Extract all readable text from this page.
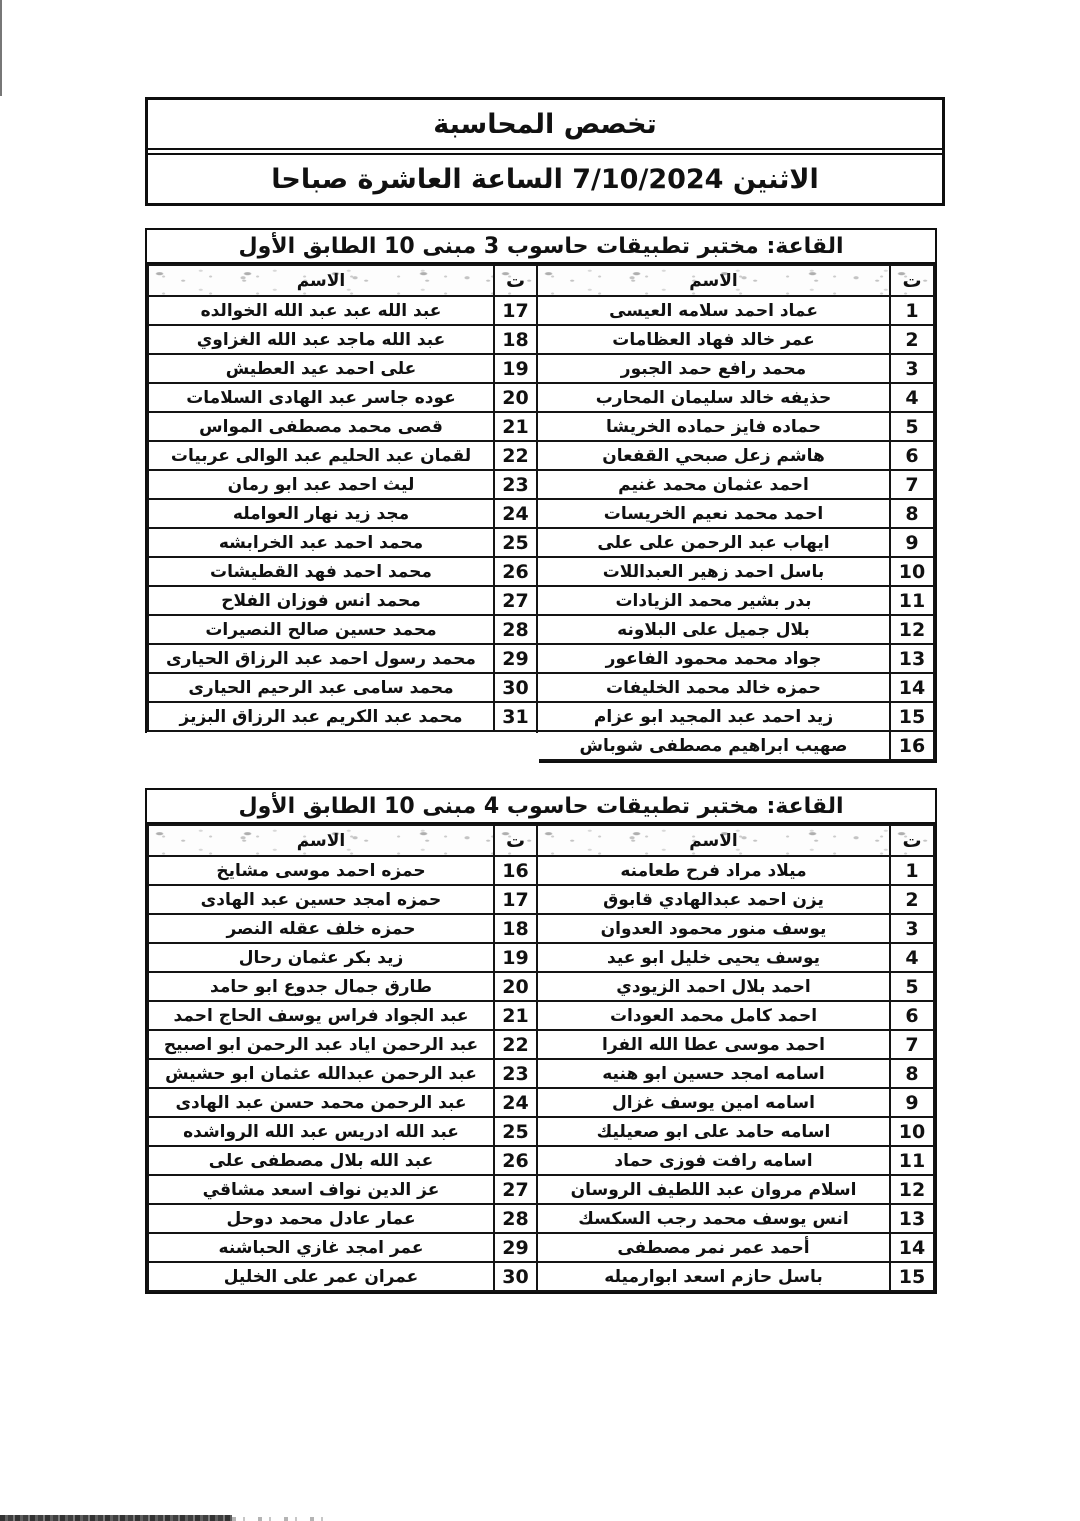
تخصص المحاسبة
الاثنين 7/10/2024 الساعة العاشرة صباحا
القاعة: مختبر تطبيقات حاسوب 3 مبنى 10 الطابق الأول
ت	الاسم	ت	الاسم
1	عماد احمد سلامه العيسى	17	عبد الله عبد عبد الله الخوالده
2	عمر خالد فهاد العظامات	18	عبد الله ماجد عبد الله الغزاوي
3	محمد رافع حمد الجبور	19	على احمد عيد العطيش
4	حذيفه خالد سليمان المحارب	20	عوده جاسر عبد الهادى السلامات
5	حماده فايز حماده الخريشا	21	قصى محمد مصطفى المواس
6	هاشم زعل صبحي القفعان	22	لقمان عبد الحليم عبد الوالى عربيات
7	احمد عثمان محمد غنيم	23	ليث احمد عبد ابو رمان
8	احمد محمد نعيم الخريسات	24	مجد زيد نهار العوامله
9	ايهاب عبد الرحمن على على	25	محمد احمد عبد الخرابشه
10	باسل احمد زهير العبداللات	26	محمد احمد فهد القطيشات
11	بدر بشير محمد الزيادات	27	محمد انس فوزان الفلاح
12	بلال جميل على البلاونه	28	محمد حسين صالح النصيرات
13	جواد محمد محمود الفاعور	29	محمد رسول احمد عبد الرزاق الحيارى
14	حمزه خالد محمد الخليفات	30	محمد سامى عبد الرحيم الحيارى
15	زيد احمد عبد المجيد ابو عزام	31	محمد عبد الكريم عبد الرزاق البزيز
16	صهيب ابراهيم مصطفى شوباش		
القاعة: مختبر تطبيقات حاسوب 4 مبنى 10 الطابق الأول
ت	الاسم	ت	الاسم
1	ميلاد مراد فرح طعامنه	16	حمزه احمد موسى مشايخ
2	يزن احمد عبدالهادي قابوق	17	حمزه امجد حسين عبد الهادى
3	يوسف منور محمود العدوان	18	حمزه خلف عقله النصر
4	يوسف يحيى خليل ابو عيد	19	زيد بكر عثمان رحال
5	احمد بلال احمد الزيودي	20	طارق جمال جدوع ابو حامد
6	احمد كامل محمد العودات	21	عبد الجواد فراس يوسف الحاج احمد
7	احمد موسى عطا الله الفرا	22	عبد الرحمن اياد عبد الرحمن ابو اصبيح
8	اسامه امجد حسين ابو هنيه	23	عبد الرحمن عبدالله عثمان ابو حشيش
9	اسامه امين يوسف غزال	24	عبد الرحمن محمد حسن عبد الهادى
10	اسامه حامد على ابو صعيليك	25	عبد الله ادريس عبد الله الرواشده
11	اسامه رافت فوزى حماد	26	عبد الله بلال مصطفى على
12	اسلام مروان عبد اللطيف الروسان	27	عز الدين نواف اسعد مشاقي
13	انس يوسف محمد رجب السكسك	28	عمار عادل محمد دوحل
14	أحمد عمر نمر مصطفى	29	عمر امجد غازي الحباشنه
15	باسل حازم اسعد ابوارميله	30	عمران عمر على الخليل
